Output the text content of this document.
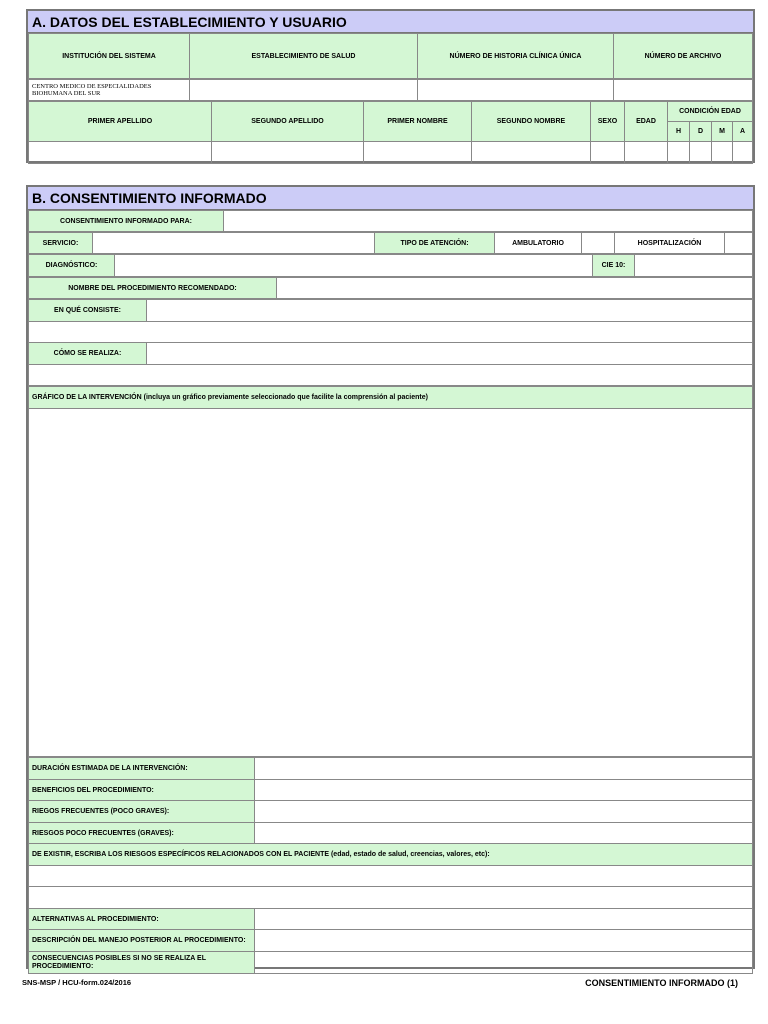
A. DATOS DEL ESTABLECIMIENTO Y USUARIO
INSTITUCIÓN DEL SISTEMA	ESTABLECIMIENTO DE SALUD	NÚMERO DE HISTORIA CLÍNICA ÚNICA	NÚMERO DE ARCHIVO
CENTRO MEDICO DE ESPECIALIDADES BIOHUMANA DEL SUR			
PRIMER APELLIDO	SEGUNDO APELLIDO	PRIMER NOMBRE	SEGUNDO NOMBRE	SEXO	EDAD	CONDICIÓN EDAD			
						H	D	M	A

B. CONSENTIMIENTO INFORMADO
CONSENTIMIENTO INFORMADO PARA:	
SERVICIO:		TIPO DE ATENCIÓN:	AMBULATORIO		HOSPITALIZACIÓN	
DIAGNÓSTICO:		CIE 10:	
NOMBRE DEL PROCEDIMIENTO RECOMENDADO:	
EN QUÉ CONSISTE:	

CÓMO SE REALIZA:	

GRÁFICO DE LA INTERVENCIÓN (incluya un gráfico previamente seleccionado que facilite la comprensión al paciente)

DURACIÓN ESTIMADA DE LA INTERVENCIÓN:	
BENEFICIOS DEL PROCEDIMIENTO:	
RIEGOS FRECUENTES (POCO GRAVES):	
RIESGOS POCO FRECUENTES (GRAVES):	
DE EXISTIR, ESCRIBA LOS RIESGOS ESPECÍFICOS RELACIONADOS CON EL PACIENTE (edad, estado de salud, creencias, valores, etc):	

ALTERNATIVAS AL PROCEDIMIENTO:	
DESCRIPCIÓN DEL MANEJO POSTERIOR AL PROCEDIMIENTO:	
CONSECUENCIAS POSIBLES SI NO SE REALIZA EL PROCEDIMIENTO:	
SNS-MSP / HCU-form.024/2016	CONSENTIMIENTO INFORMADO (1)
